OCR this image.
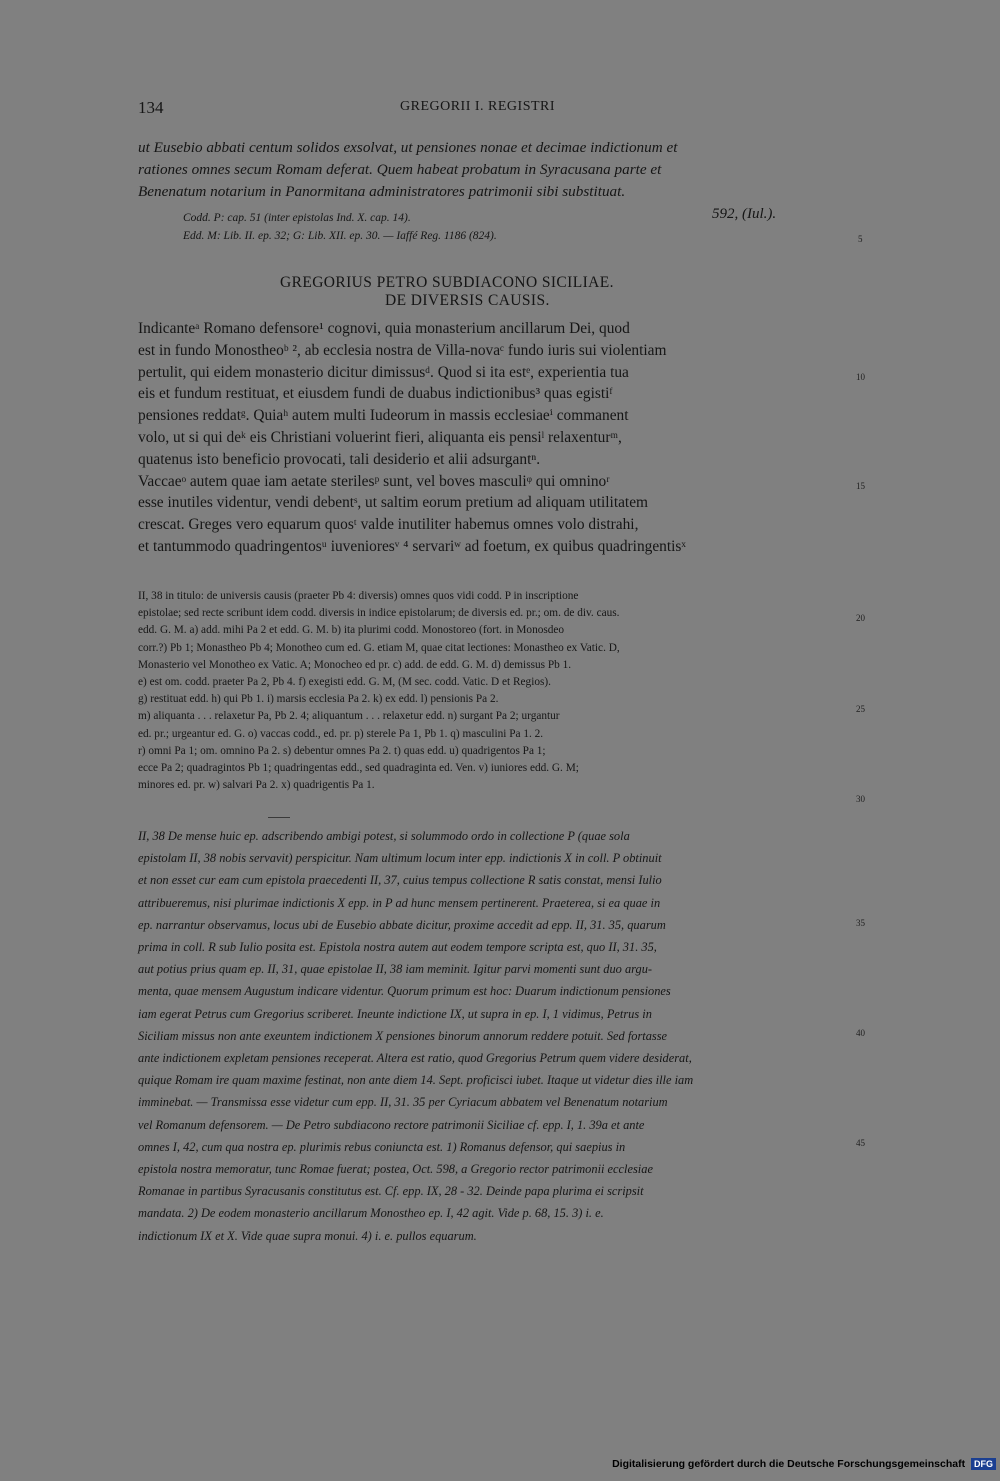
134	GREGORII I. REGISTRI
ut Eusebio abbati centum solidos exsolvat, ut pensiones nonae et decimae indictionum et
rationes omnes secum Romam deferat. Quem habeat probatum in Syracusana parte et
Benenatum notarium in Panormitana administratores patrimonii sibi substituat.
Codd. P: cap. 51 (inter epistolas Ind. X. cap. 14).	592, (Iul.).
Edd. M: Lib. II. ep. 32; G: Lib. XII. ep. 30. — Iaffé Reg. 1186 (824).
GREGORIUS PETRO SUBDIACONO SICILIAE.
DE DIVERSIS CAUSIS.
Indicanteᵃ Romano defensore¹ cognovi, quia monasterium ancillarum Dei, quod
est in fundo Monostheoᵇ ², ab ecclesia nostra de Villa-novaᶜ fundo iuris sui violentiam
pertulit, qui eidem monasterio dicitur dimissusᵈ. Quod si ita estᵉ, experientia tua
eis et fundum restituat, et eiusdem fundi de duabus indictionibus³ quas egistiᶠ
pensiones reddatᵍ. Quiaʰ autem multi Iudeorum in massis ecclesiaeⁱ commanent
volo, ut si qui deᵏ eis Christiani voluerint fieri, aliquanta eis pensiˡ relaxenturᵐ,
quatenus isto beneficio provocati, tali desiderio et alii adsurgantⁿ.
Vaccaeᵒ autem quae iam aetate sterilesᵖ sunt, vel boves masculiᵠ qui omninoʳ
esse inutiles videntur, vendi debentˢ, ut saltim eorum pretium ad aliquam utilitatem
crescat. Greges vero equarum quosᵗ valde inutiliter habemus omnes volo distrahi,
et tantummodo quadringentosᵘ iuvenioresᵛ ⁴ servariʷ ad foetum, ex quibus quadringentisˣ
II, 38 in titulo: de universis causis (praeter Pb 4: diversis) omnes quos vidi codd. P in inscriptione
epistolae; sed recte scribunt idem codd. diversis in indice epistolarum; de diversis ed. pr.; om. de div. caus.
edd. G. M. a) add. mihi Pa 2 et edd. G. M. b) ita plurimi codd. Monostoreo (fort. in Monosdeo
corr.?) Pb 1; Monastheo Pb 4; Monotheo cum ed. G. etiam M, quae citat lectiones: Monastheo ex Vatic. D,
Monasterio vel Monotheo ex Vatic. A; Monocheo ed pr. c) add. de edd. G. M. d) demissus Pb 1.
e) est om. codd. praeter Pa 2, Pb 4. f) exegisti edd. G. M, (M sec. codd. Vatic. D et Regios).
g) restituat edd. h) qui Pb 1. i) marsis ecclesia Pa 2. k) ex edd. l) pensionis Pa 2.
m) aliquanta . . . relaxetur Pa, Pb 2. 4; aliquantum . . . relaxetur edd. n) surgant Pa 2; urgantur
ed. pr.; urgeantur ed. G. o) vaccas codd., ed. pr. p) sterele Pa 1, Pb 1. q) masculini Pa 1. 2.
r) omni Pa 1; om. omnino Pa 2. s) debentur omnes Pa 2. t) quas edd. u) quadrigentos Pa 1;
ecce Pa 2; quadragintos Pb 1; quadringentas edd., sed quadraginta ed. Ven. v) iuniores edd. G. M;
minores ed. pr. w) salvari Pa 2. x) quadrigentis Pa 1.
II, 38 De mense huic ep. adscribendo ambigi potest, si solummodo ordo in collectione P (quae sola
epistolam II, 38 nobis servavit) perspicitur. Nam ultimum locum inter epp. indictionis X in coll. P obtinuit
et non esset cur eam cum epistola praecedenti II, 37, cuius tempus collectione R satis constat, mensi Iulio
attribueremus, nisi plurimae indictionis X epp. in P ad hunc mensem pertinerent. Praeterea, si ea quae in
ep. narrantur observamus, locus ubi de Eusebio abbate dicitur, proxime accedit ad epp. II, 31. 35, quarum
prima in coll. R sub Iulio posita est. Epistola nostra autem aut eodem tempore scripta est, quo II, 31. 35,
aut potius prius quam ep. II, 31, quae epistolae II, 38 iam meminit. Igitur parvi momenti sunt duo argu-
menta, quae mensem Augustum indicare videntur. Quorum primum est hoc: Duarum indictionum pensiones
iam egerat Petrus cum Gregorius scriberet. Ineunte indictione IX, ut supra in ep. I, 1 vidimus, Petrus in
Siciliam missus non ante exeuntem indictionem X pensiones binorum annorum reddere potuit. Sed fortasse
ante indictionem expletam pensiones receperat. Altera est ratio, quod Gregorius Petrum quem videre desiderat,
quique Romam ire quam maxime festinat, non ante diem 14. Sept. proficisci iubet. Itaque ut videtur dies ille iam
imminebat. — Transmissa esse videtur cum epp. II, 31. 35 per Cyriacum abbatem vel Benenatum notarium
vel Romanum defensorem. — De Petro subdiacono rectore patrimonii Siciliae cf. epp. I, 1. 39a et ante
omnes I, 42, cum qua nostra ep. plurimis rebus coniuncta est. 1) Romanus defensor, qui saepius in
epistola nostra memoratur, tunc Romae fuerat; postea, Oct. 598, a Gregorio rector patrimonii ecclesiae
Romanae in partibus Syracusanis constitutus est. Cf. epp. IX, 28 - 32. Deinde papa plurima ei scripsit
mandata. 2) De eodem monasterio ancillarum Monostheo ep. I, 42 agit. Vide p. 68, 15. 3) i. e.
indictionum IX et X. Vide quae supra monui. 4) i. e. pullos equarum.
5
10
15
20
25
30
35
40
45
Digitalisierung gefördert durch die Deutsche Forschungsgemeinschaft DFG
